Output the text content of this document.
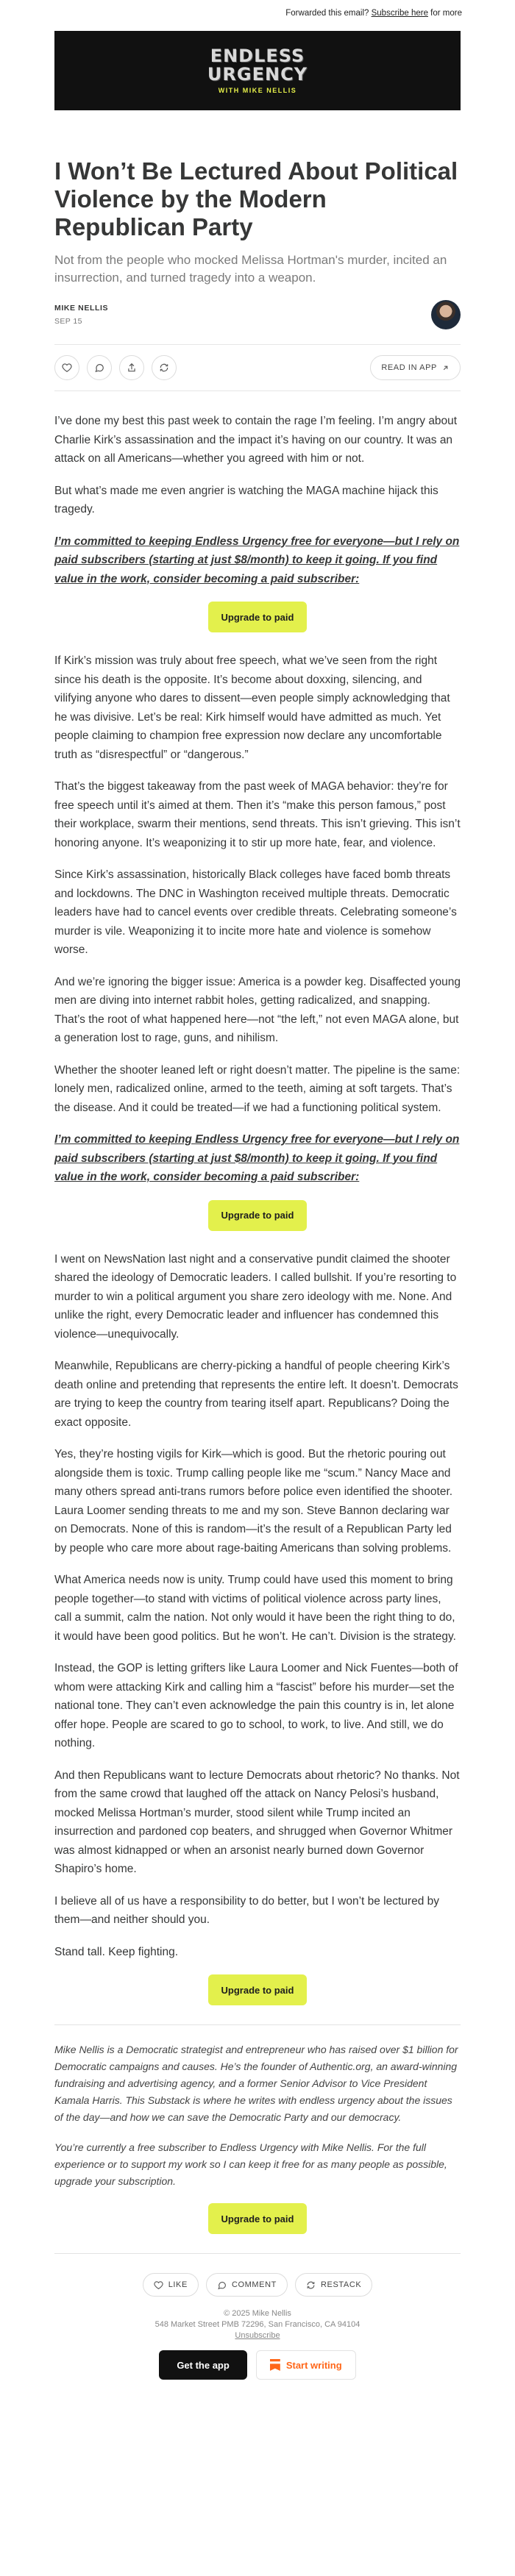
Forwarded this email? Subscribe here for more
ENDLESS
URGENCY
WITH MIKE NELLIS
I Won’t Be Lectured About Political Violence by the Modern Republican Party
Not from the people who mocked Melissa Hortman's murder, incited an insurrection, and turned tragedy into a weapon.
MIKE NELLIS
SEP 15
READ IN APP

I’ve done my best this past week to contain the rage I’m feeling. I’m angry about Charlie Kirk’s assassination and the impact it’s having on our country. It was an attack on all Americans—whether you agreed with him or not.

But what’s made me even angrier is watching the MAGA machine hijack this tragedy.

I’m committed to keeping Endless Urgency free for everyone—but I rely on paid subscribers (starting at just $8/month) to keep it going. If you find value in the work, consider becoming a paid subscriber:

Upgrade to paid

If Kirk’s mission was truly about free speech, what we’ve seen from the right since his death is the opposite. It’s become about doxxing, silencing, and vilifying anyone who dares to dissent—even people simply acknowledging that he was divisive. Let’s be real: Kirk himself would have admitted as much. Yet people claiming to champion free expression now declare any uncomfortable truth as “disrespectful” or “dangerous.”

That’s the biggest takeaway from the past week of MAGA behavior: they’re for free speech until it’s aimed at them. Then it’s “make this person famous,” post their workplace, swarm their mentions, send threats. This isn’t grieving. This isn’t honoring anyone. It’s weaponizing it to stir up more hate, fear, and violence.

Since Kirk’s assassination, historically Black colleges have faced bomb threats and lockdowns. The DNC in Washington received multiple threats. Democratic leaders have had to cancel events over credible threats. Celebrating someone’s murder is vile. Weaponizing it to incite more hate and violence is somehow worse.

And we’re ignoring the bigger issue: America is a powder keg. Disaffected young men are diving into internet rabbit holes, getting radicalized, and snapping. That’s the root of what happened here—not “the left,” not even MAGA alone, but a generation lost to rage, guns, and nihilism.

Whether the shooter leaned left or right doesn’t matter. The pipeline is the same: lonely men, radicalized online, armed to the teeth, aiming at soft targets. That’s the disease. And it could be treated—if we had a functioning political system.

I’m committed to keeping Endless Urgency free for everyone—but I rely on paid subscribers (starting at just $8/month) to keep it going. If you find value in the work, consider becoming a paid subscriber:

Upgrade to paid

I went on NewsNation last night and a conservative pundit claimed the shooter shared the ideology of Democratic leaders. I called bullshit. If you’re resorting to murder to win a political argument you share zero ideology with me. None. And unlike the right, every Democratic leader and influencer has condemned this violence—unequivocally.

Meanwhile, Republicans are cherry-picking a handful of people cheering Kirk’s death online and pretending that represents the entire left. It doesn’t. Democrats are trying to keep the country from tearing itself apart. Republicans? Doing the exact opposite.

Yes, they’re hosting vigils for Kirk—which is good. But the rhetoric pouring out alongside them is toxic. Trump calling people like me “scum.” Nancy Mace and many others spread anti-trans rumors before police even identified the shooter. Laura Loomer sending threats to me and my son. Steve Bannon declaring war on Democrats. None of this is random—it’s the result of a Republican Party led by people who care more about rage-baiting Americans than solving problems.

What America needs now is unity. Trump could have used this moment to bring people together—to stand with victims of political violence across party lines, call a summit, calm the nation. Not only would it have been the right thing to do, it would have been good politics. But he won’t. He can’t. Division is the strategy.

Instead, the GOP is letting grifters like Laura Loomer and Nick Fuentes—both of whom were attacking Kirk and calling him a “fascist” before his murder—set the national tone. They can’t even acknowledge the pain this country is in, let alone offer hope. People are scared to go to school, to work, to live. And still, we do nothing.

And then Republicans want to lecture Democrats about rhetoric? No thanks. Not from the same crowd that laughed off the attack on Nancy Pelosi’s husband, mocked Melissa Hortman’s murder, stood silent while Trump incited an insurrection and pardoned cop beaters, and shrugged when Governor Whitmer was almost kidnapped or when an arsonist nearly burned down Governor Shapiro’s home.

I believe all of us have a responsibility to do better, but I won’t be lectured by them—and neither should you.

Stand tall. Keep fighting.

Upgrade to paid

Mike Nellis is a Democratic strategist and entrepreneur who has raised over $1 billion for Democratic campaigns and causes. He’s the founder of Authentic.org, an award-winning fundraising and advertising agency, and a former Senior Advisor to Vice President Kamala Harris. This Substack is where he writes with endless urgency about the issues of the day—and how we can save the Democratic Party and our democracy.

You’re currently a free subscriber to Endless Urgency with Mike Nellis. For the full experience or to support my work so I can keep it free for as many people as possible, upgrade your subscription.

Upgrade to paid
LIKE	COMMENT	RESTACK
© 2025 Mike Nellis
548 Market Street PMB 72296, San Francisco, CA 94104
Unsubscribe
Get the app	Start writing
